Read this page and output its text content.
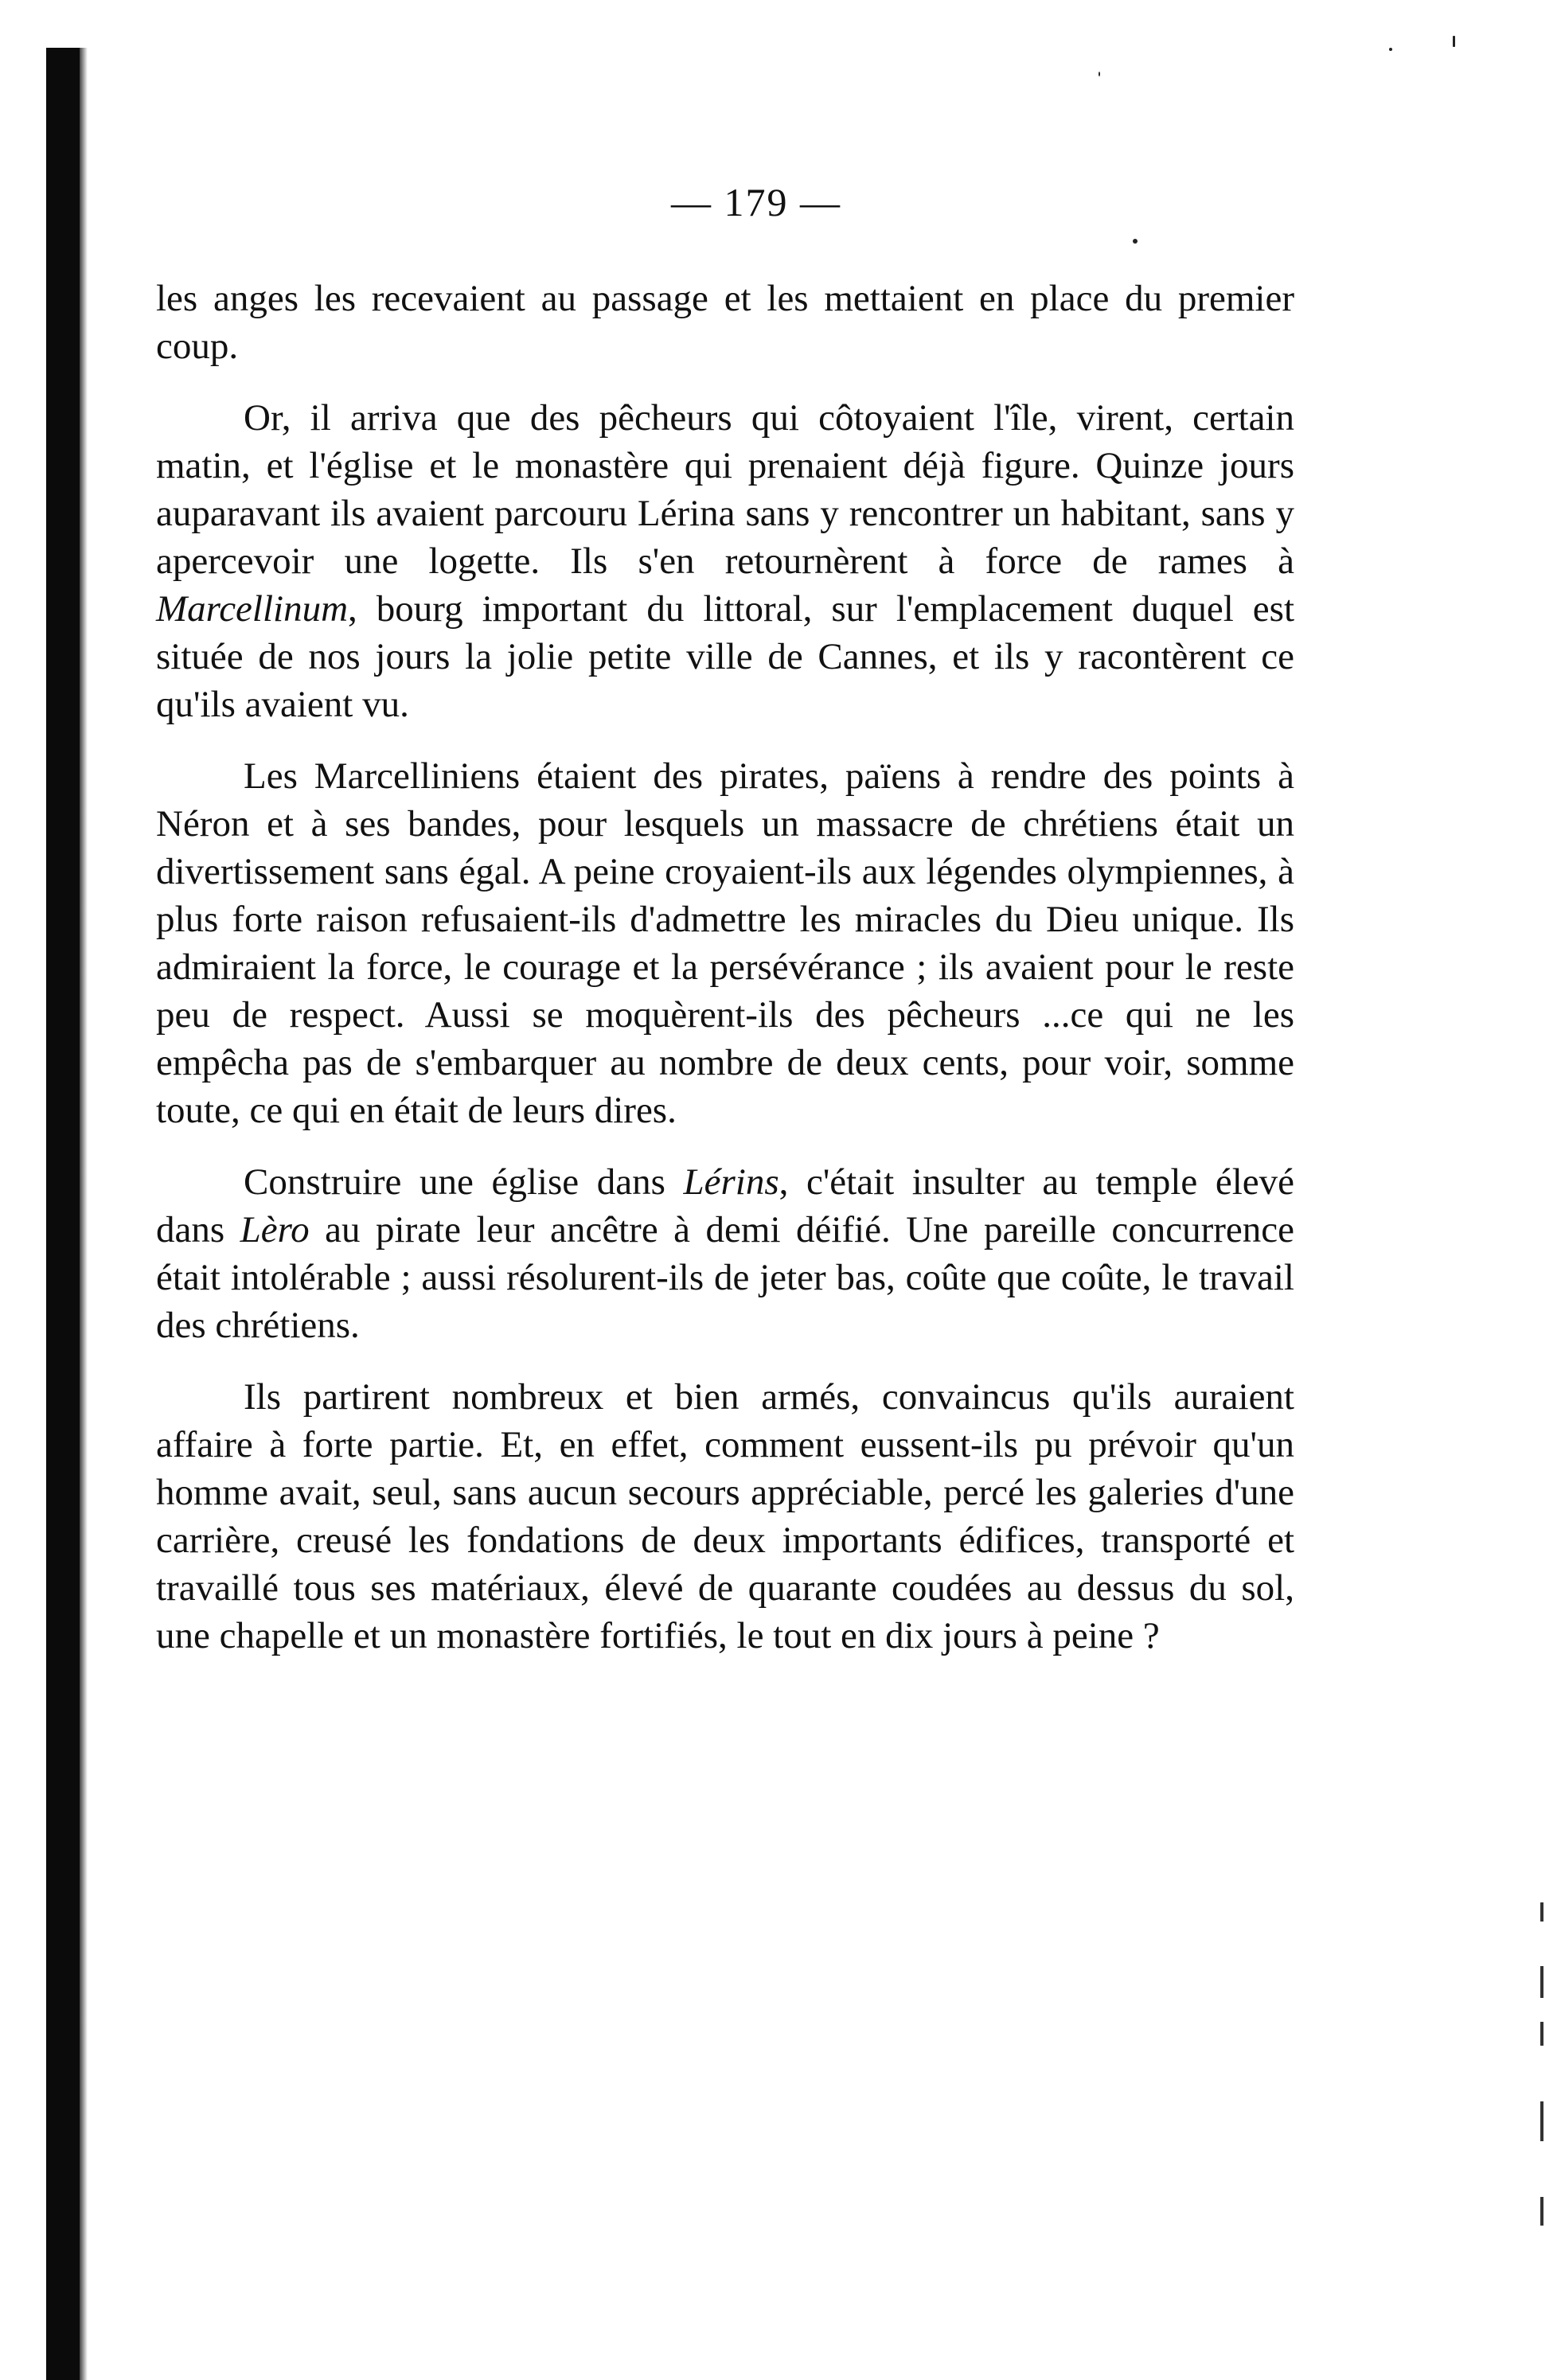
— 179 —

les anges les recevaient au passage et les mettaient en place du premier coup.

Or, il arriva que des pêcheurs qui côtoyaient l'île, virent, certain matin, et l'église et le monastère qui prenaient déjà figure. Quinze jours auparavant ils avaient parcouru Lérina sans y rencontrer un habitant, sans y apercevoir une logette. Ils s'en retournèrent à force de rames à Marcellinum, bourg important du littoral, sur l'emplacement duquel est située de nos jours la jolie petite ville de Cannes, et ils y racontèrent ce qu'ils avaient vu.

Les Marcelliniens étaient des pirates, païens à rendre des points à Néron et à ses bandes, pour lesquels un massacre de chrétiens était un divertissement sans égal. A peine croyaient-ils aux légendes olympiennes, à plus forte raison refusaient-ils d'admettre les miracles du Dieu unique. Ils admiraient la force, le courage et la persévérance ; ils avaient pour le reste peu de respect. Aussi se moquèrent-ils des pêcheurs ...ce qui ne les empêcha pas de s'embarquer au nombre de deux cents, pour voir, somme toute, ce qui en était de leurs dires.

Construire une église dans Lérins, c'était insulter au temple élevé dans Lèro au pirate leur ancêtre à demi déifié. Une pareille concurrence était intolérable ; aussi résolurent-ils de jeter bas, coûte que coûte, le travail des chrétiens.

Ils partirent nombreux et bien armés, convaincus qu'ils auraient affaire à forte partie. Et, en effet, comment eussent-ils pu prévoir qu'un homme avait, seul, sans aucun secours appréciable, percé les galeries d'une carrière, creusé les fondations de deux importants édifices, transporté et travaillé tous ses matériaux, élevé de quarante coudées au dessus du sol, une chapelle et un monastère fortifiés, le tout en dix jours à peine ?
